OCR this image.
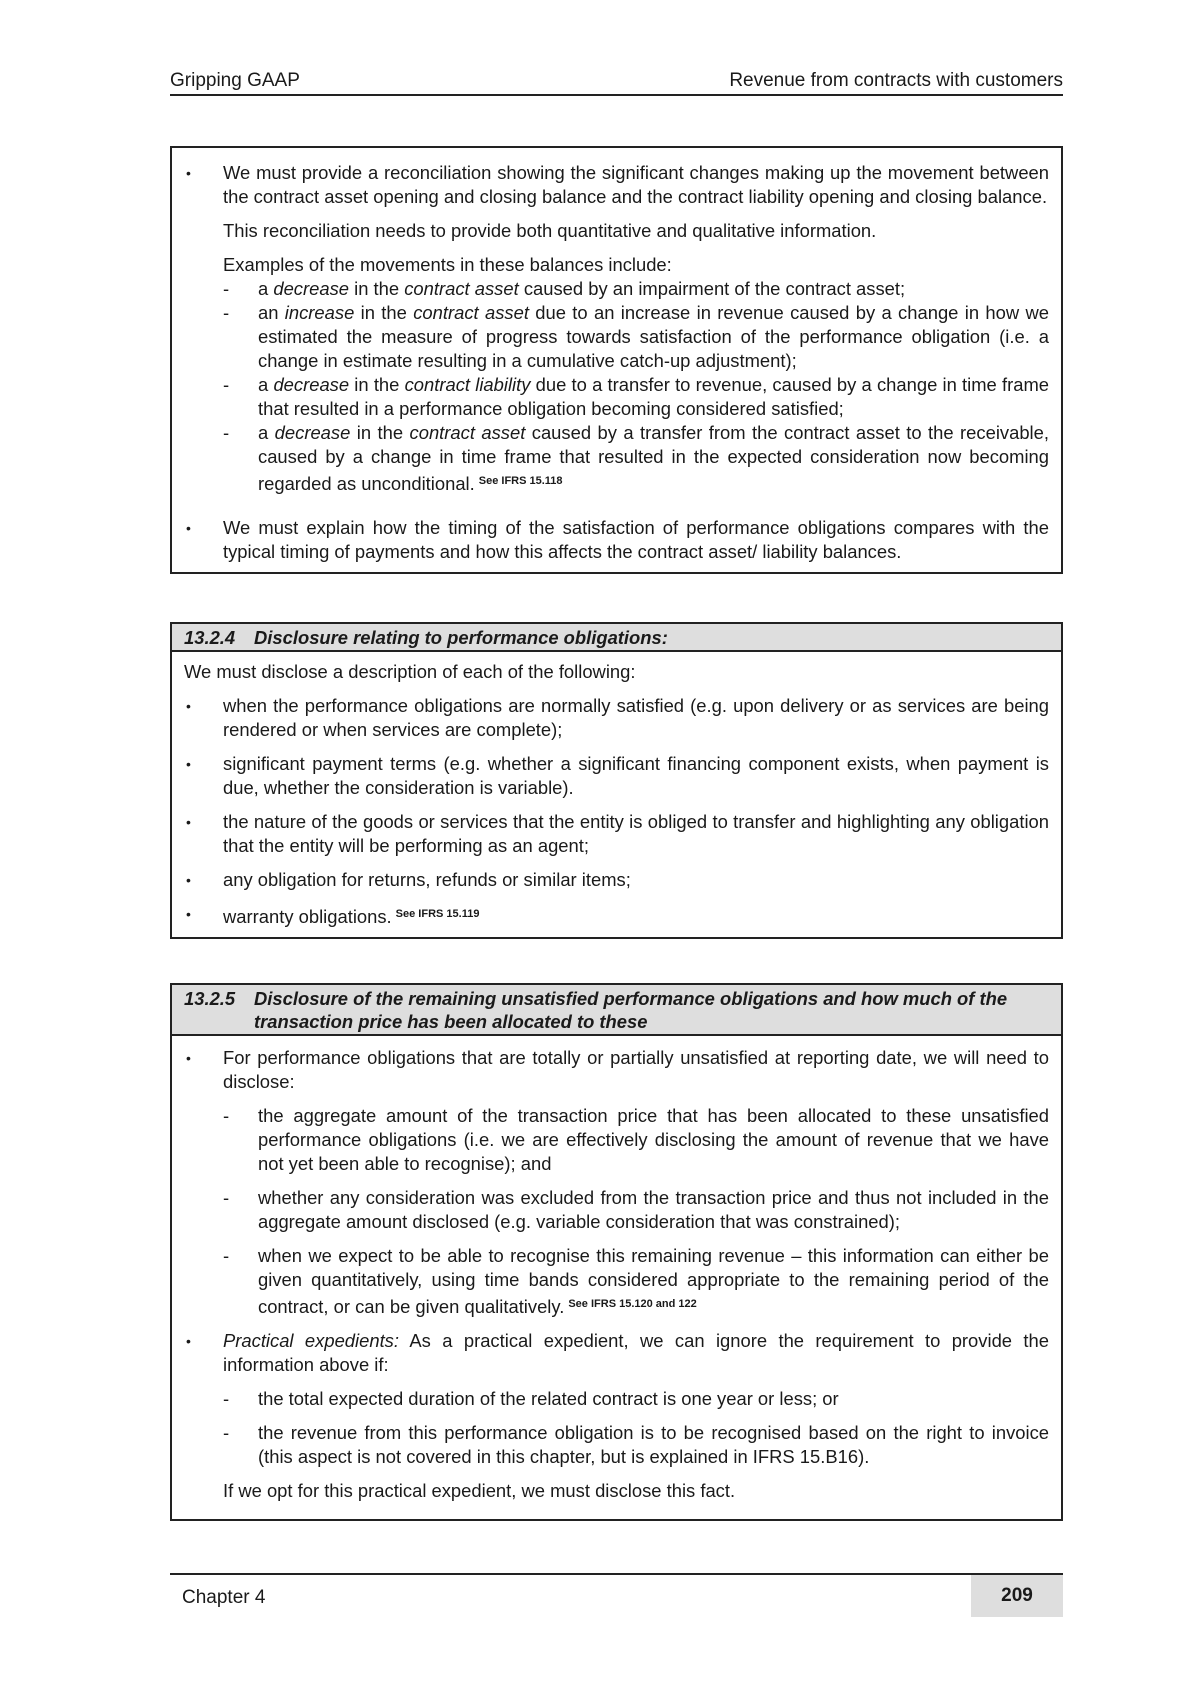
Gripping GAAP	Revenue from contracts with customers
•	We must provide a reconciliation showing the significant changes making up the movement between the contract asset opening and closing balance and the contract liability opening and closing balance.

This reconciliation needs to provide both quantitative and qualitative information.

Examples of the movements in these balances include:

-	a decrease in the contract asset caused by an impairment of the contract asset;
-	an increase in the contract asset due to an increase in revenue caused by a change in how we estimated the measure of progress towards satisfaction of the performance obligation (i.e. a change in estimate resulting in a cumulative catch-up adjustment);
-	a decrease in the contract liability due to a transfer to revenue, caused by a change in time frame that resulted in a performance obligation becoming considered satisfied;
-	a decrease in the contract asset caused by a transfer from the contract asset to the receivable, caused by a change in time frame that resulted in the expected consideration now becoming regarded as unconditional. $^{See IFRS 15.118}$
•	We must explain how the timing of the satisfaction of performance obligations compares with the typical timing of payments and how this affects the contract asset/ liability balances.
13.2.4	Disclosure relating to performance obligations:

We must disclose a description of each of the following:

•	when the performance obligations are normally satisfied (e.g. upon delivery or as services are being rendered or when services are complete);
•	significant payment terms (e.g. whether a significant financing component exists, when payment is due, whether the consideration is variable).
•	the nature of the goods or services that the entity is obliged to transfer and highlighting any obligation that the entity will be performing as an agent;
•	any obligation for returns, refunds or similar items;
•	warranty obligations. $^{See IFRS 15.119}$
13.2.5	Disclosure of the remaining unsatisfied performance obligations and how much of the transaction price has been allocated to these
•	For performance obligations that are totally or partially unsatisfied at reporting date, we will need to disclose:

-	the aggregate amount of the transaction price that has been allocated to these unsatisfied performance obligations (i.e. we are effectively disclosing the amount of revenue that we have not yet been able to recognise); and
-	whether any consideration was excluded from the transaction price and thus not included in the aggregate amount disclosed (e.g. variable consideration that was constrained);
-	when we expect to be able to recognise this remaining revenue – this information can either be given quantitatively, using time bands considered appropriate to the remaining period of the contract, or can be given qualitatively. $^{See IFRS 15.120 and 122}$
•	Practical expedients: As a practical expedient, we can ignore the requirement to provide the information above if:

-	the total expected duration of the related contract is one year or less; or
-	the revenue from this performance obligation is to be recognised based on the right to invoice (this aspect is not covered in this chapter, but is explained in IFRS 15.B16).

If we opt for this practical expedient, we must disclose this fact.

Chapter 4	209
